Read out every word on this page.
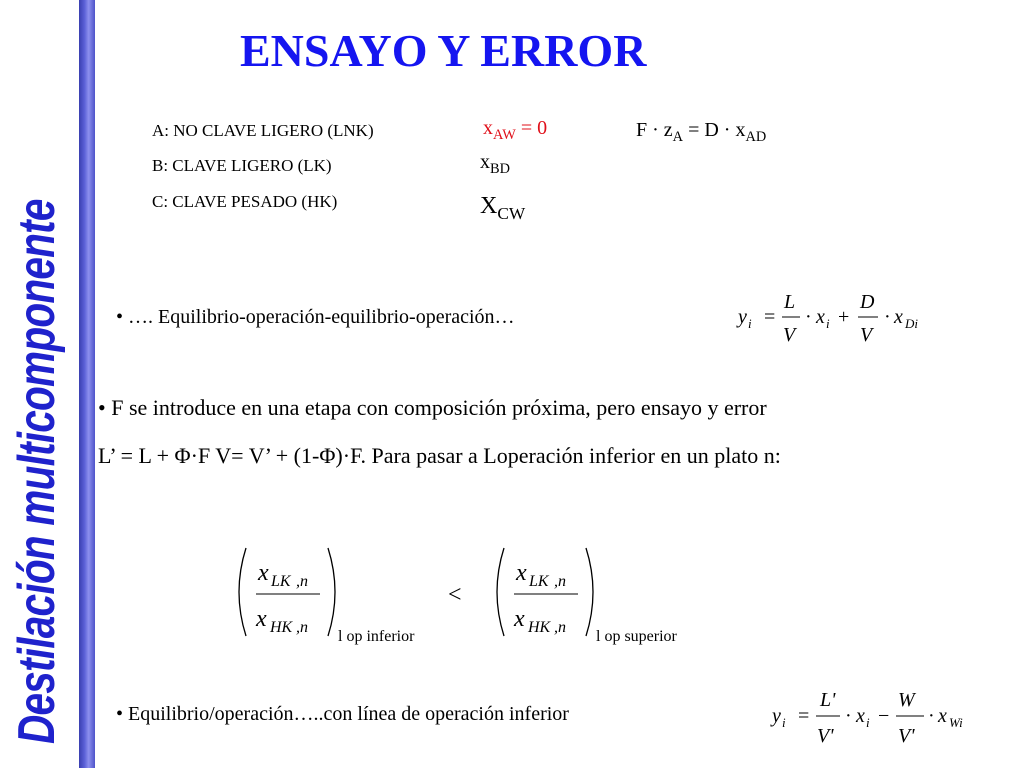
Destilación multicomponente
ENSAYO Y ERROR
A: NO CLAVE LIGERO (LNK)
B: CLAVE LIGERO (LK)
C: CLAVE PESADO (HK)
$x_{AW} = 0$
$x_{BD}$
$X_{CW}$
$F \cdot z_A = D \cdot x_{AD}$
• …. Equilibrio-operación-equilibrio-operación…	y i =
L
V
· x i +
D
V
· x Di
• F se introduce en una etapa con composición próxima, pero ensayo y error
L’ = L + Φ·F V= V’ + (1-Φ)·F. Para pasar a Loperación inferior en un plato n:
x LK ,n
x HK ,n
l op inferior
<
x LK ,n
x HK ,n
l op superior
• Equilibrio/operación…..con línea de operación inferior	y i =
L'
V'
· x i −
W
V'
· x Wi
